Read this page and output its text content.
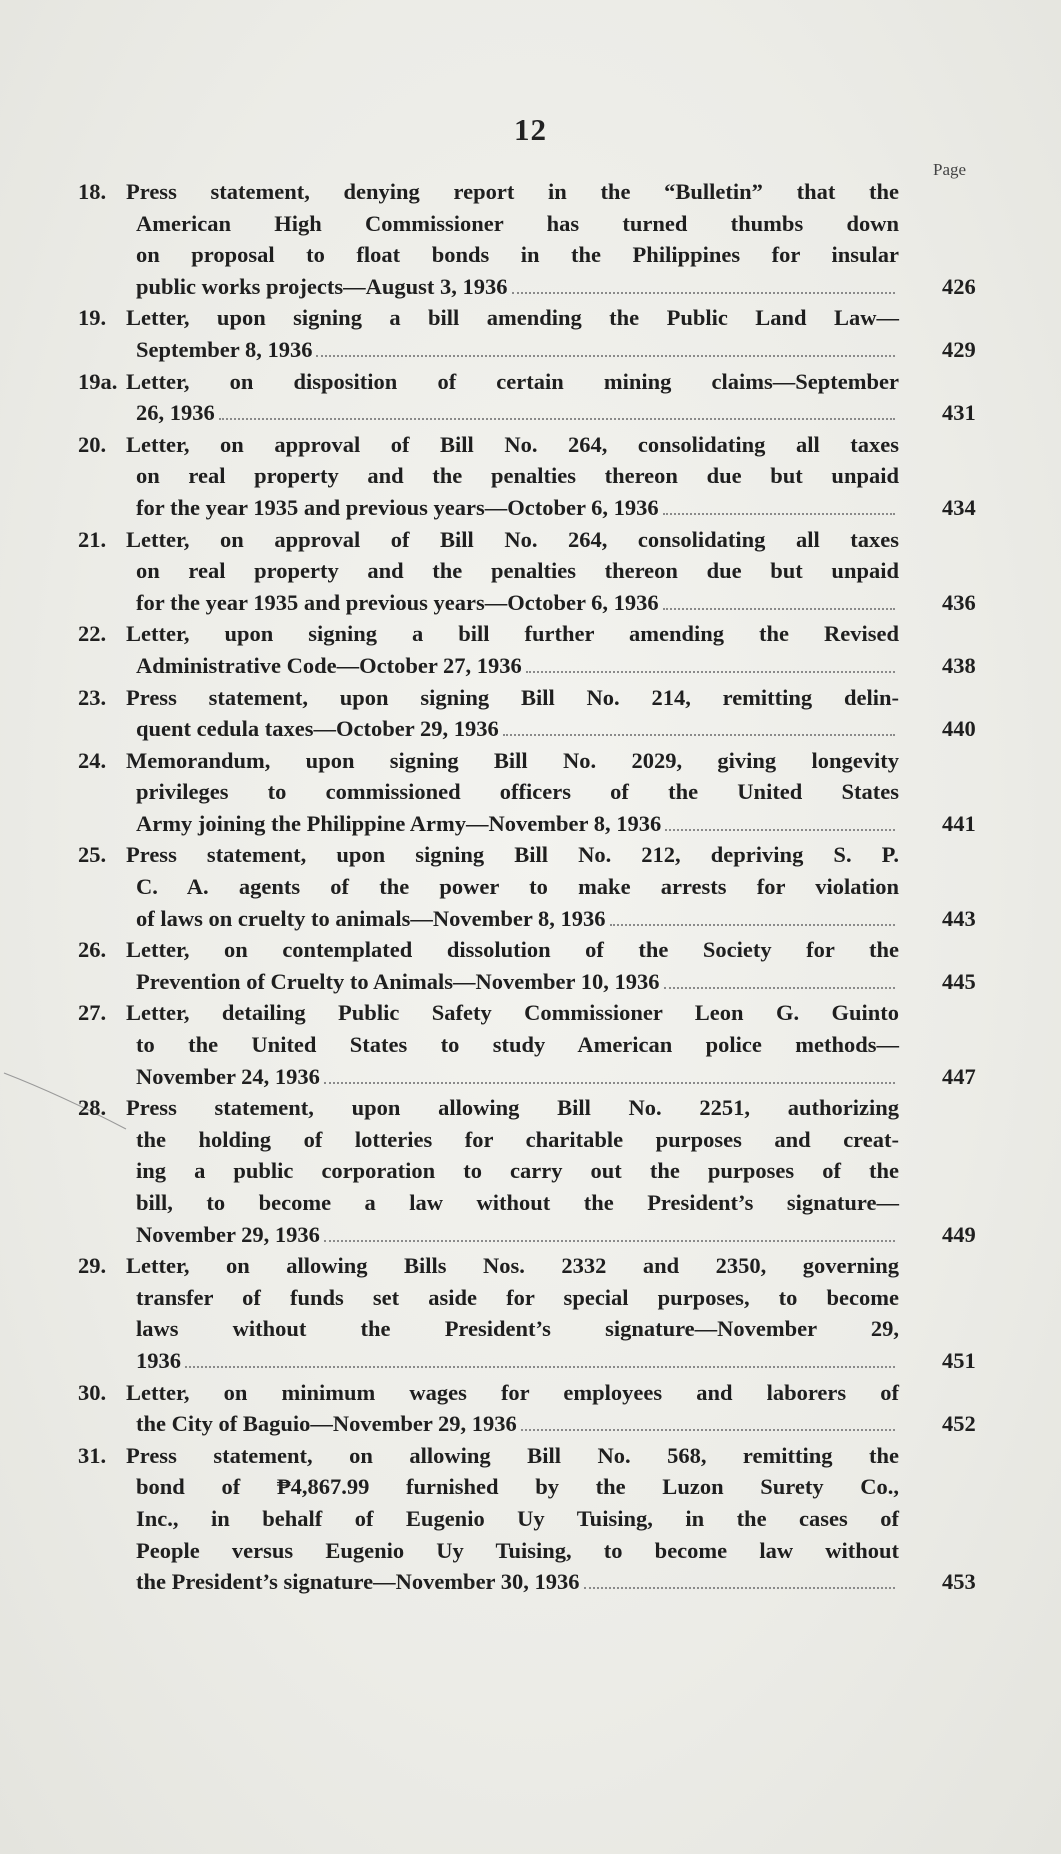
12
Page
18. Press statement, denying report in the “Bulletin” that the
American High Commissioner has turned thumbs down
on proposal to float bonds in the Philippines for insular
public works projects—August 3, 1936	426
19. Letter, upon signing a bill amending the Public Land Law—
September 8, 1936	429
19a. Letter, on disposition of certain mining claims—September
26, 1936	431
20. Letter, on approval of Bill No. 264, consolidating all taxes
on real property and the penalties thereon due but unpaid
for the year 1935 and previous years—October 6, 1936	434
21. Letter, on approval of Bill No. 264, consolidating all taxes
on real property and the penalties thereon due but unpaid
for the year 1935 and previous years—October 6, 1936	436
22. Letter, upon signing a bill further amending the Revised
Administrative Code—October 27, 1936	438
23. Press statement, upon signing Bill No. 214, remitting delin-
quent cedula taxes—October 29, 1936	440
24. Memorandum, upon signing Bill No. 2029, giving longevity
privileges to commissioned officers of the United States
Army joining the Philippine Army—November 8, 1936	441
25. Press statement, upon signing Bill No. 212, depriving S. P.
C. A. agents of the power to make arrests for violation
of laws on cruelty to animals—November 8, 1936	443
26. Letter, on contemplated dissolution of the Society for the
Prevention of Cruelty to Animals—November 10, 1936	445
27. Letter, detailing Public Safety Commissioner Leon G. Guinto
to the United States to study American police methods—
November 24, 1936	447
28. Press statement, upon allowing Bill No. 2251, authorizing
the holding of lotteries for charitable purposes and creat-
ing a public corporation to carry out the purposes of the
bill, to become a law without the President’s signature—
November 29, 1936	449
29. Letter, on allowing Bills Nos. 2332 and 2350, governing
transfer of funds set aside for special purposes, to become
laws without the President’s signature—November 29,
1936	451
30. Letter, on minimum wages for employees and laborers of
the City of Baguio—November 29, 1936	452
31. Press statement, on allowing Bill No. 568, remitting the
bond of ₱4,867.99 furnished by the Luzon Surety Co.,
Inc., in behalf of Eugenio Uy Tuising, in the cases of
People versus Eugenio Uy Tuising, to become law without
the President’s signature—November 30, 1936	453
